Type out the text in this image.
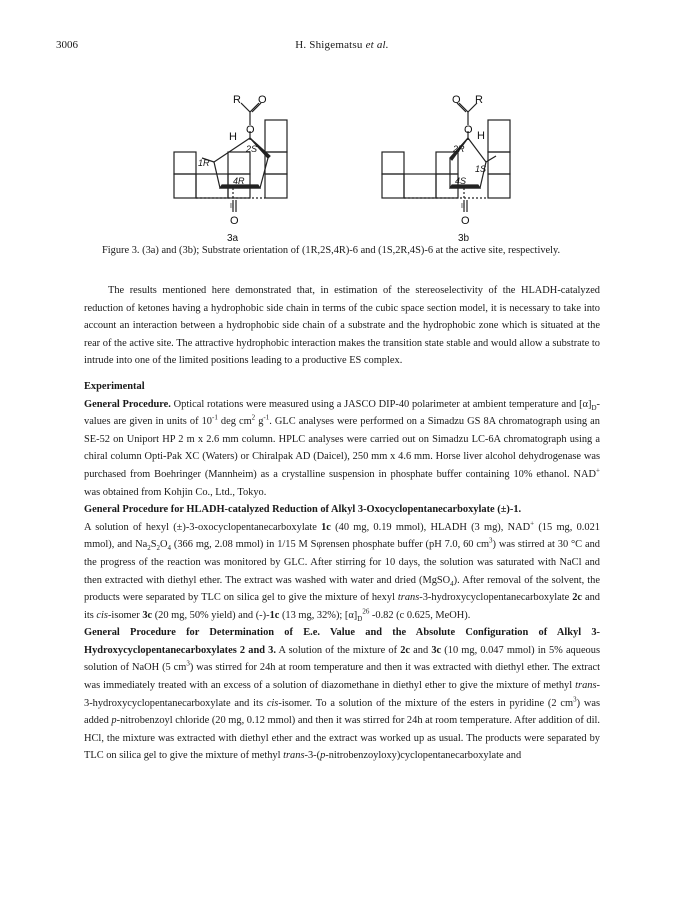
3006	H. Shigematsu et al.
R O
O
H
2S
1R
4R
II
O
3a
O R
O H
2R
1S
4S
II
O
3b
Figure 3. (3a) and (3b); Substrate orientation of (1R,2S,4R)-6 and (1S,2R,4S)-6 at the active site, respectively.

The results mentioned here demonstrated that, in estimation of the stereoselectivity of the HLADH-catalyzed reduction of ketones having a hydrophobic side chain in terms of the cubic space section model, it is necessary to take into account an interaction between a hydrophobic side chain of a substrate and the hydrophobic zone which is situated at the rear of the active site. The attractive hydrophobic interaction makes the transition state stable and would allow a substrate to intrude into one of the limited positions leading to a productive ES complex.

Experimental

General Procedure. Optical rotations were measured using a JASCO DIP-40 polarimeter at ambient temperature and $[\alpha]_D$-values are given in units of $10^{-1}$ deg $cm^2$ $g^{-1}$. GLC analyses were performed on a Simadzu GS 8A chromatograph using an SE-52 on Uniport HP 2 m x 2.6 mm column. HPLC analyses were carried out on Simadzu LC-6A chromatograph using a chiral column Opti-Pak XC (Waters) or Chiralpak AD (Daicel), 250 mm x 4.6 mm. Horse liver alcohol dehydrogenase was purchased from Boehringer (Mannheim) as a crystalline suspension in phosphate buffer containing 10% ethanol. NAD+ was obtained from Kohjin Co., Ltd., Tokyo.

General Procedure for HLADH-catalyzed Reduction of Alkyl 3-Oxocyclopentanecarboxylate (±)-1.

A solution of hexyl (±)-3-oxocyclopentanecarboxylate 1c (40 mg, 0.19 mmol), HLADH (3 mg), NAD+ (15 mg, 0.021 mmol), and $Na_2S_2O_4$ (366 mg, 2.08 mmol) in 1/15 M Sφrensen phosphate buffer (pH 7.0, 60 $cm^3$) was stirred at 30 °C and the progress of the reaction was monitored by GLC. After stirring for 10 days, the solution was saturated with NaCl and then extracted with diethyl ether. The extract was washed with water and dried (MgSO$_4$). After removal of the solvent, the products were separated by TLC on silica gel to give the mixture of hexyl trans-3-hydroxycyclopentanecarboxylate 2c and its cis-isomer 3c (20 mg, 50% yield) and (-)-1c (13 mg, 32%); $[\alpha]_D^{26}$ -0.82 (c 0.625, MeOH).

General Procedure for Determination of E.e. Value and the Absolute Configuration of Alkyl 3-Hydroxycyclopentanecarboxylates 2 and 3. A solution of the mixture of 2c and 3c (10 mg, 0.047 mmol) in 5% aqueous solution of NaOH (5 $cm^3$) was stirred for 24h at room temperature and then it was extracted with diethyl ether. The extract was immediately treated with an excess of a solution of diazomethane in diethyl ether to give the mixture of methyl trans-3-hydroxycyclopentanecarboxylate and its cis-isomer. To a solution of the mixture of the esters in pyridine (2 $cm^3$) was added p-nitrobenzoyl chloride (20 mg, 0.12 mmol) and then it was stirred for 24h at room temperature. After addition of dil. HCl, the mixture was extracted with diethyl ether and the extract was worked up as usual. The products were separated by TLC on silica gel to give the mixture of methyl trans-3-(p-nitrobenzoyloxy)cyclopentanecarboxylate and
